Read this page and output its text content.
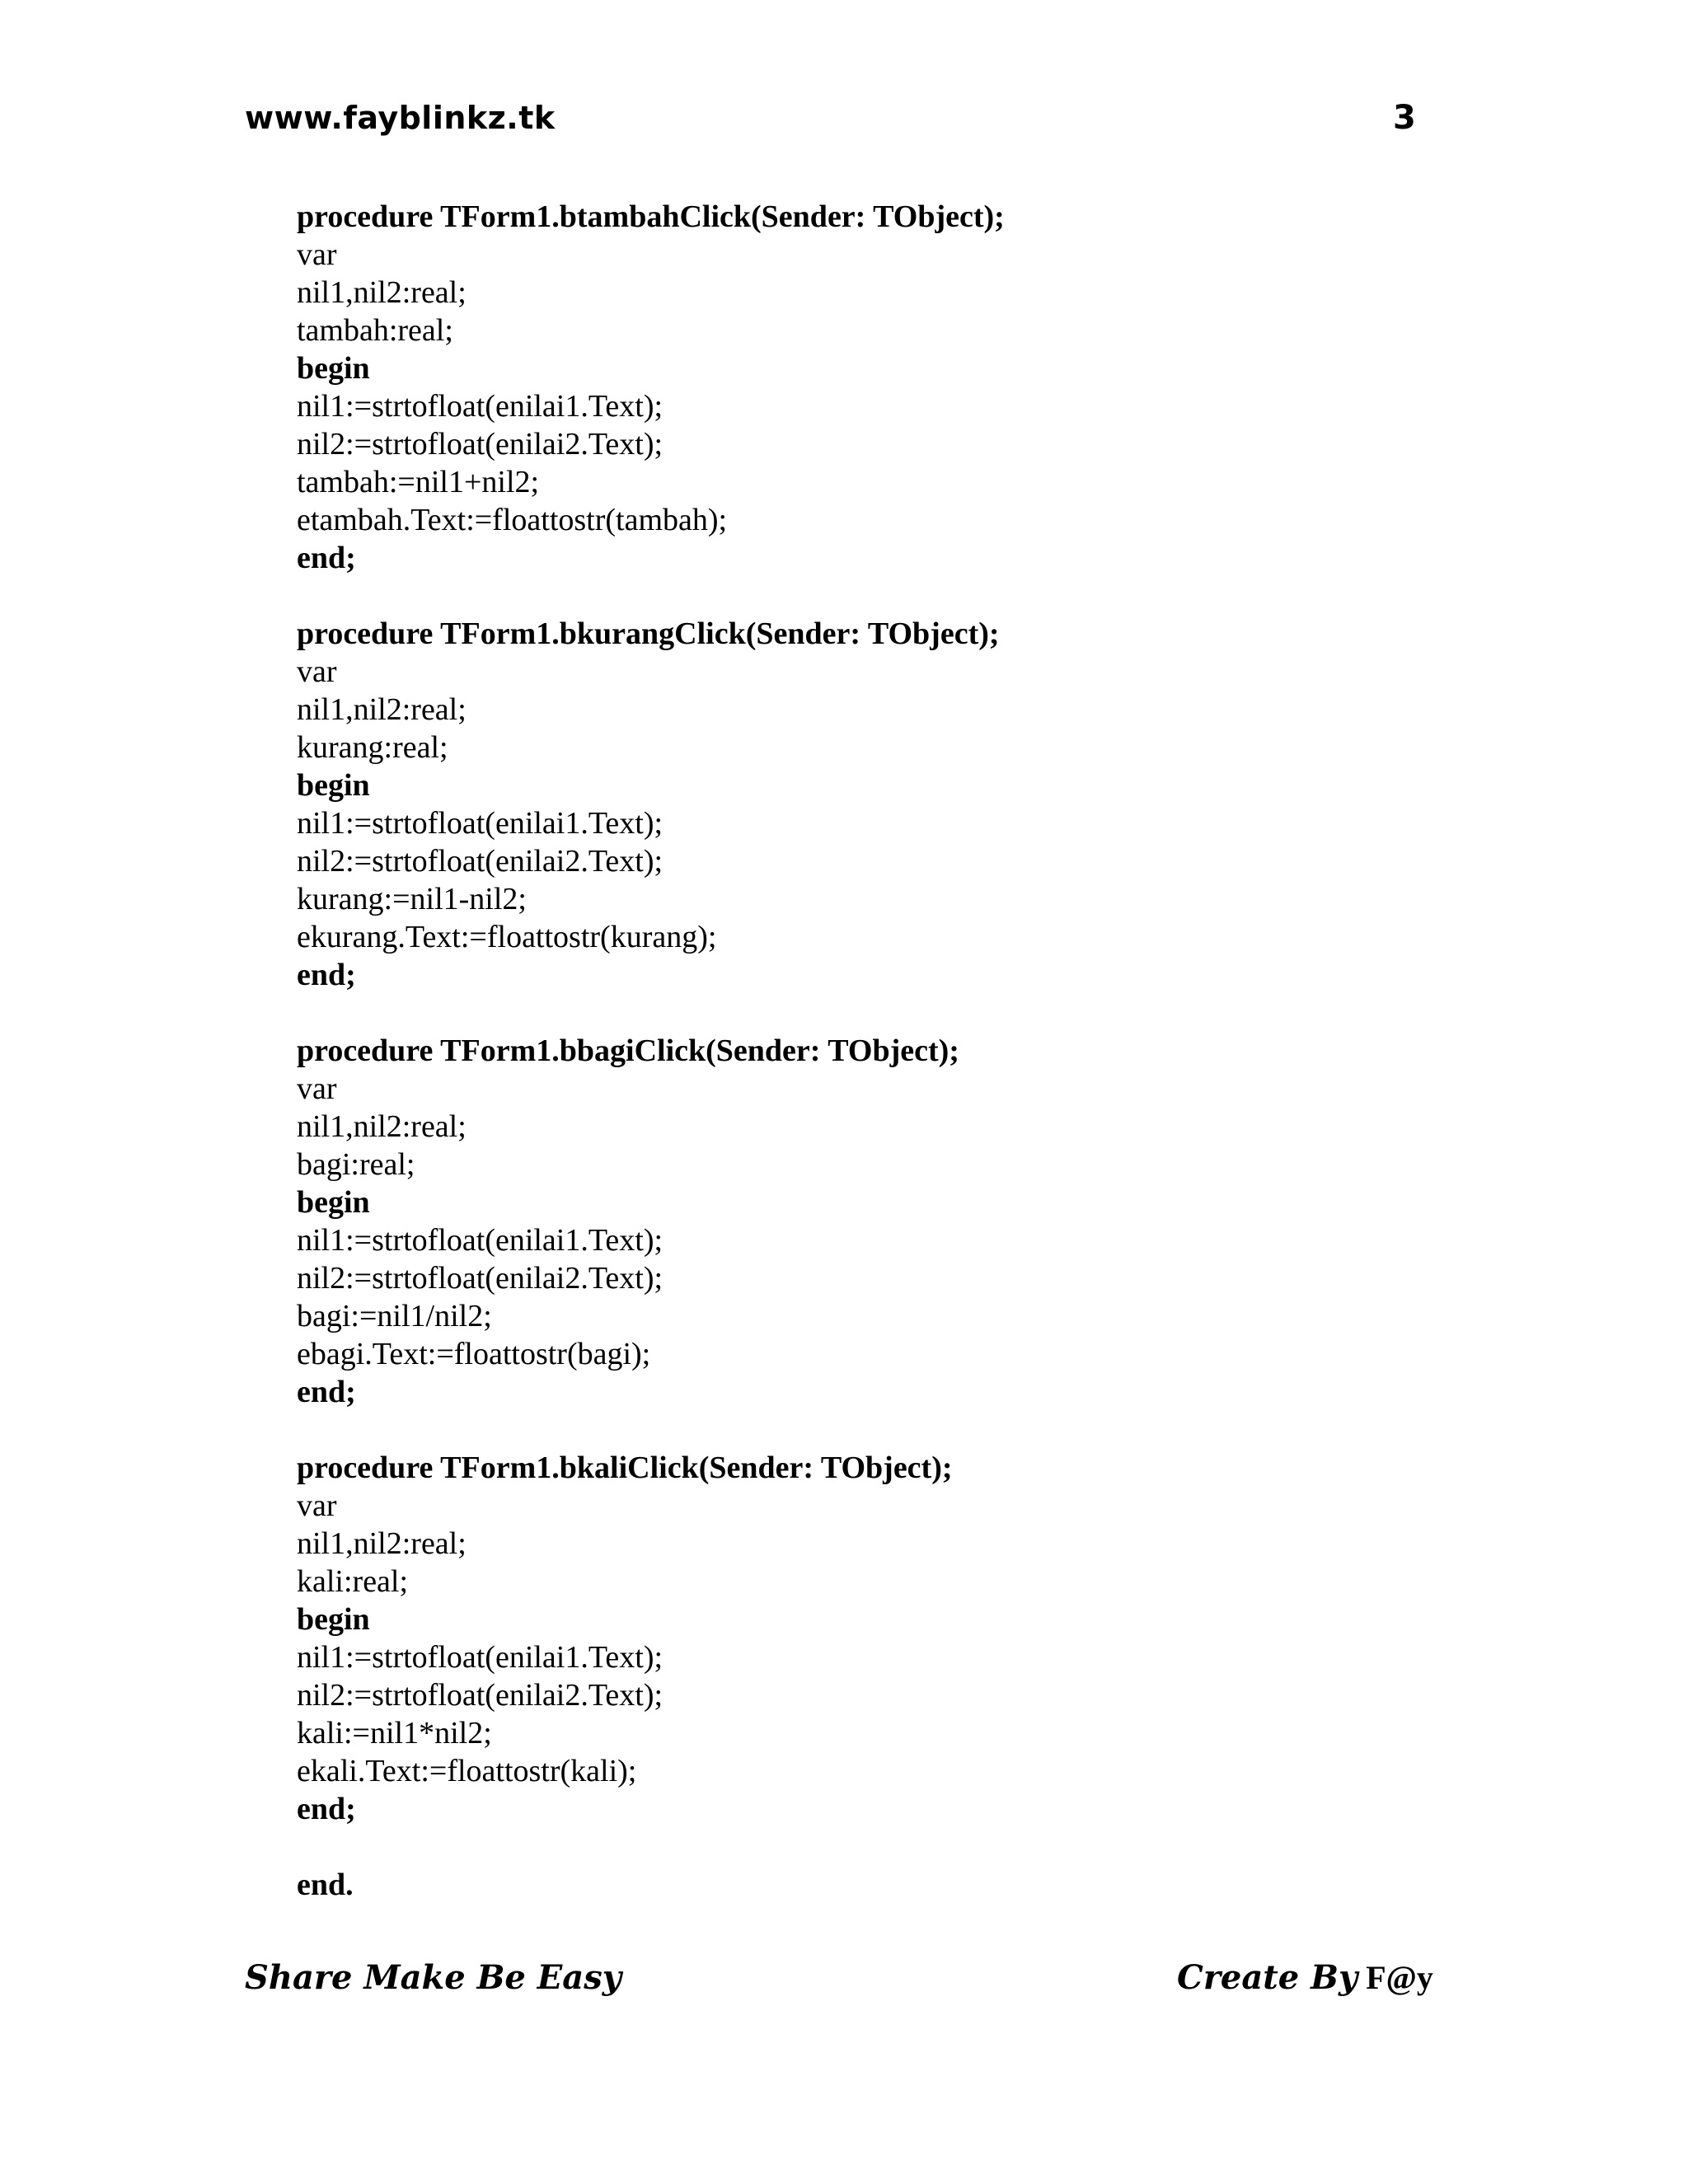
www.fayblinkz.tk	3
procedure TForm1.btambahClick(Sender: TObject);
var
nil1,nil2:real;
tambah:real;
begin
nil1:=strtofloat(enilai1.Text);
nil2:=strtofloat(enilai2.Text);
tambah:=nil1+nil2;
etambah.Text:=floattostr(tambah);
end;
procedure TForm1.bkurangClick(Sender: TObject);
var
nil1,nil2:real;
kurang:real;
begin
nil1:=strtofloat(enilai1.Text);
nil2:=strtofloat(enilai2.Text);
kurang:=nil1-nil2;
ekurang.Text:=floattostr(kurang);
end;
procedure TForm1.bbagiClick(Sender: TObject);
var
nil1,nil2:real;
bagi:real;
begin
nil1:=strtofloat(enilai1.Text);
nil2:=strtofloat(enilai2.Text);
bagi:=nil1/nil2;
ebagi.Text:=floattostr(bagi);
end;
procedure TForm1.bkaliClick(Sender: TObject);
var
nil1,nil2:real;
kali:real;
begin
nil1:=strtofloat(enilai1.Text);
nil2:=strtofloat(enilai2.Text);
kali:=nil1*nil2;
ekali.Text:=floattostr(kali);
end;
end.
Share Make Be Easy	Create By F@y
